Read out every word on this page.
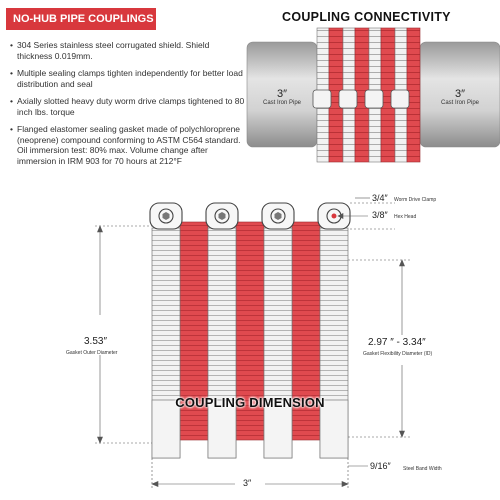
NO-HUB PIPE COUPLINGS
• 304 Series stainless steel corrugated shield. Shield thickness 0.019mm.
• Multiple sealing clamps tighten independently for better load distribution and seal
• Axially slotted heavy duty worm drive clamps tightened to 80 inch lbs. torque
• Flanged elastomer sealing gasket made of polychloroprene (neoprene) compound conforming to ASTM C564 standard. Oil immersion test: 80% max. Volume change after immersion in IRM 903 for 70 hours at 212°F
COUPLING CONNECTIVITY
3″
Cast Iron Pipe
3″
Cast Iron Pipe
COUPLING DIMENSION
3/4″ Worm Drive Clamp
3/8″ Hex Head
3.53″
Gasket Outer Diameter
2.97 ″ - 3.34″
Gasket Flexibility Diameter (ID)
9/16″ Steel Band Width
3″
